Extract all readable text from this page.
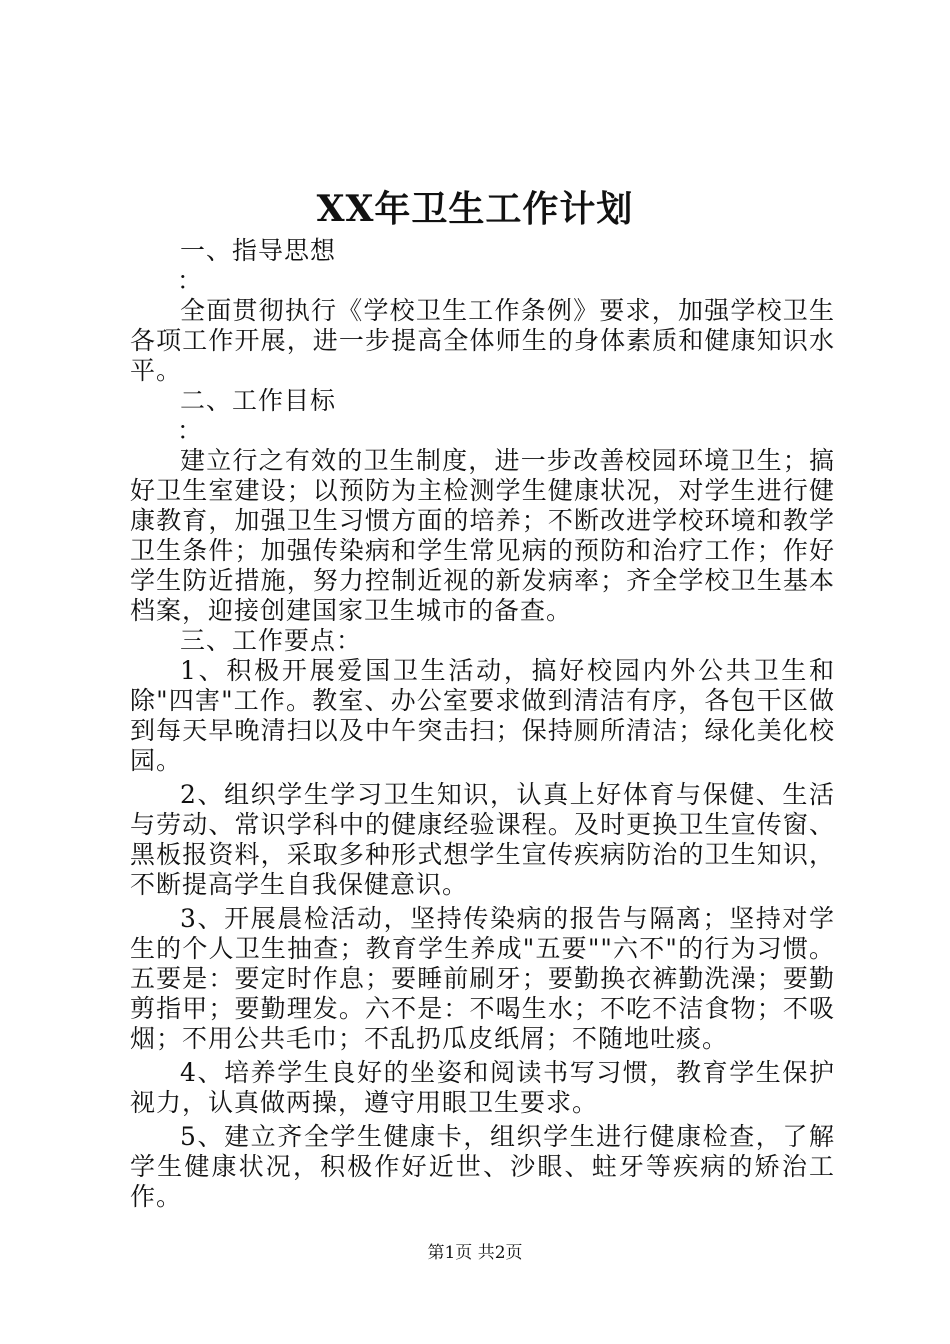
XX年卫生工作计划

一、指导思想

：

全面贯彻执行《学校卫生工作条例》要求，加强学校卫生各项工作开展，进一步提高全体师生的身体素质和健康知识水平。

二、工作目标

：

建立行之有效的卫生制度，进一步改善校园环境卫生；搞好卫生室建设；以预防为主检测学生健康状况，对学生进行健康教育，加强卫生习惯方面的培养；不断改进学校环境和教学卫生条件；加强传染病和学生常见病的预防和治疗工作；作好学生防近措施，努力控制近视的新发病率；齐全学校卫生基本档案，迎接创建国家卫生城市的备查。

三、工作要点：

1、积极开展爱国卫生活动，搞好校园内外公共卫生和除"四害"工作。教室、办公室要求做到清洁有序，各包干区做到每天早晚清扫以及中午突击扫；保持厕所清洁；绿化美化校园。

2、组织学生学习卫生知识，认真上好体育与保健、生活与劳动、常识学科中的健康经验课程。及时更换卫生宣传窗、黑板报资料，采取多种形式想学生宣传疾病防治的卫生知识，不断提高学生自我保健意识。

3、开展晨检活动，坚持传染病的报告与隔离；坚持对学生的个人卫生抽查；教育学生养成"五要""六不"的行为习惯。五要是：要定时作息；要睡前刷牙；要勤换衣裤勤洗澡；要勤剪指甲；要勤理发。六不是：不喝生水；不吃不洁食物；不吸烟；不用公共毛巾；不乱扔瓜皮纸屑；不随地吐痰。

4、培养学生良好的坐姿和阅读书写习惯，教育学生保护视力，认真做两操，遵守用眼卫生要求。

5、建立齐全学生健康卡，组织学生进行健康检查，了解学生健康状况，积极作好近世、沙眼、蛀牙等疾病的矫治工作。

第1页 共2页
